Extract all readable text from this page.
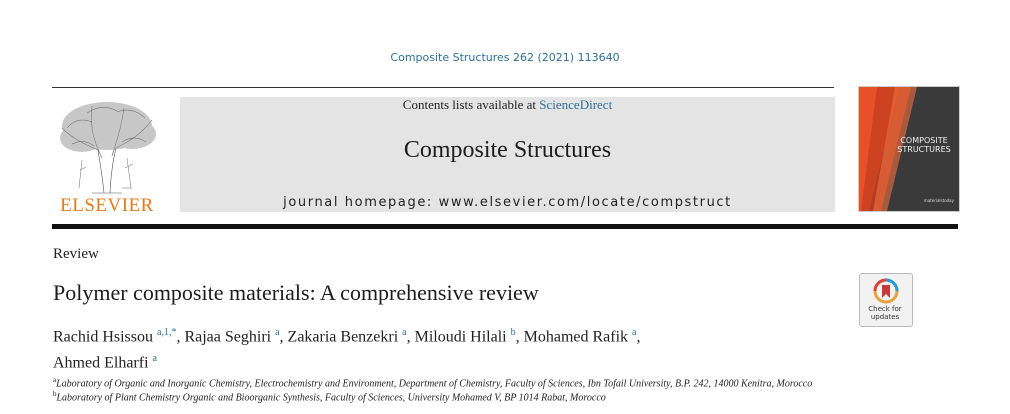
Composite Structures 262 (2021) 113640
ELSEVIER
Contents lists available at ScienceDirect
Composite Structures
journal homepage: www.elsevier.com/locate/compstruct
COMPOSITE
STRUCTURES
materialstoday
Review
Polymer composite materials: A comprehensive review
Check for
updates
Rachid Hsissou $^{a,1,*}$, Rajaa Seghiri $^a$, Zakaria Benzekri $^a$, Miloudi Hilali $^b$, Mohamed Rafik $^a$,
Ahmed Elharfi $^a$
$^a$Laboratory of Organic and Inorganic Chemistry, Electrochemistry and Environment, Department of Chemistry, Faculty of Sciences, Ibn Tofail University, B.P. 242, 14000 Kenitra, Morocco
$^b$Laboratory of Plant Chemistry Organic and Bioorganic Synthesis, Faculty of Sciences, University Mohamed V, BP 1014 Rabat, Morocco
